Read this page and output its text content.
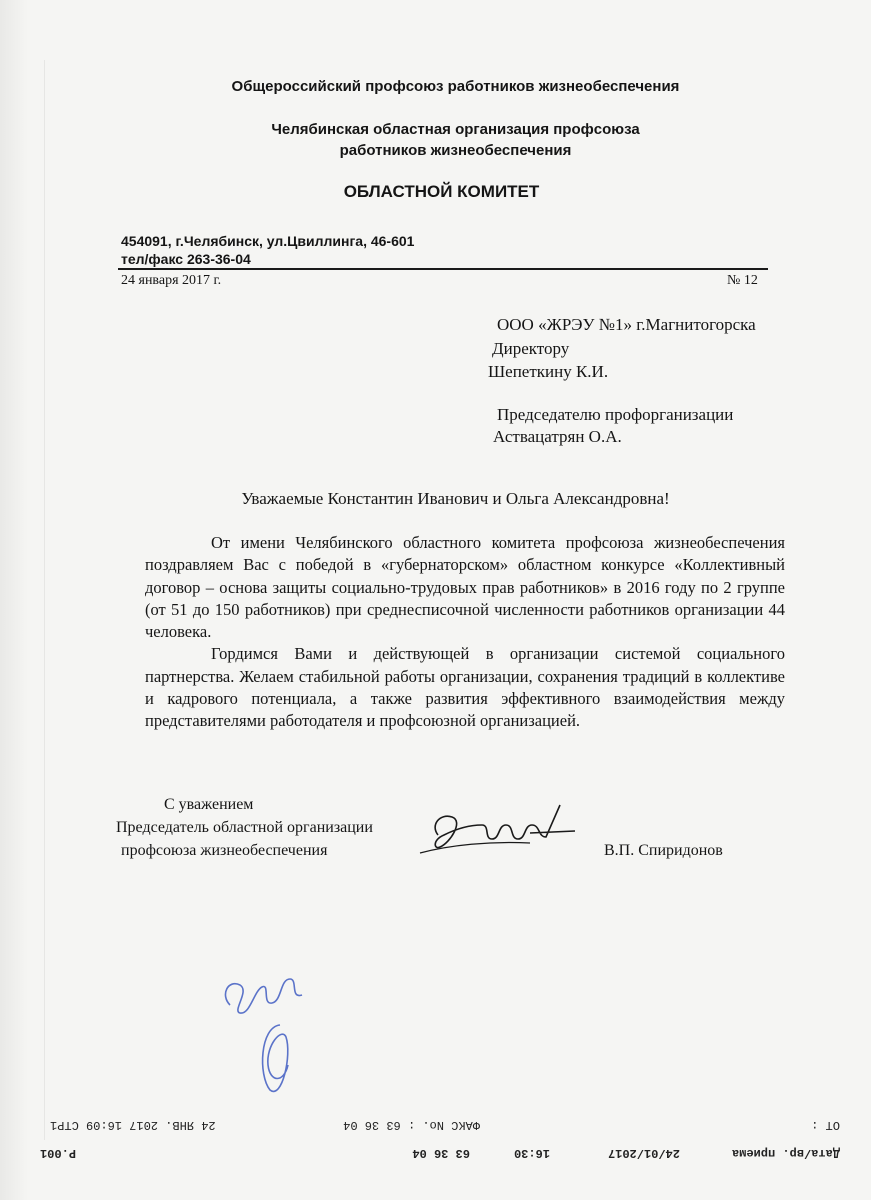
Общероссийский профсоюз работников жизнеобеспечения
Челябинская областная организация профсоюза
работников жизнеобеспечения
ОБЛАСТНОЙ КОМИТЕТ
454091, г.Челябинск, ул.Цвиллинга, 46-601
тел/факс 263-36-04
24 января 2017 г.	№ 12
ООО «ЖРЭУ №1» г.Магнитогорска
Директору
Шепеткину К.И.
Председателю профорганизации
Аствацатрян О.А.
Уважаемые Константин Иванович и Ольга Александровна!

От имени Челябинского областного комитета профсоюза жизнеобеспечения поздравляем Вас с победой в «губернаторском» областном конкурсе «Коллективный договор – основа защиты социально-трудовых прав работников» в 2016 году по 2 группе (от 51 до 150 работников) при среднесписочной численности работников организации 44 человека.

Гордимся Вами и действующей в организации системой социального партнерства. Желаем стабильной работы организации, сохранения традиций в коллективе и кадрового потенциала, а также развития эффективного взаимодействия между представителями работодателя и профсоюзной организацией.

С уважением
Председатель областной организации
профсоюза жизнеобеспечения	В.П. Спиридонов
ОТ :
ФАКС No. : 63 36 04
24 ЯНВ. 2017 16:09 СТР1
Дата/вр. приема
24/01/2017
16:30
63 36 04
P.001
